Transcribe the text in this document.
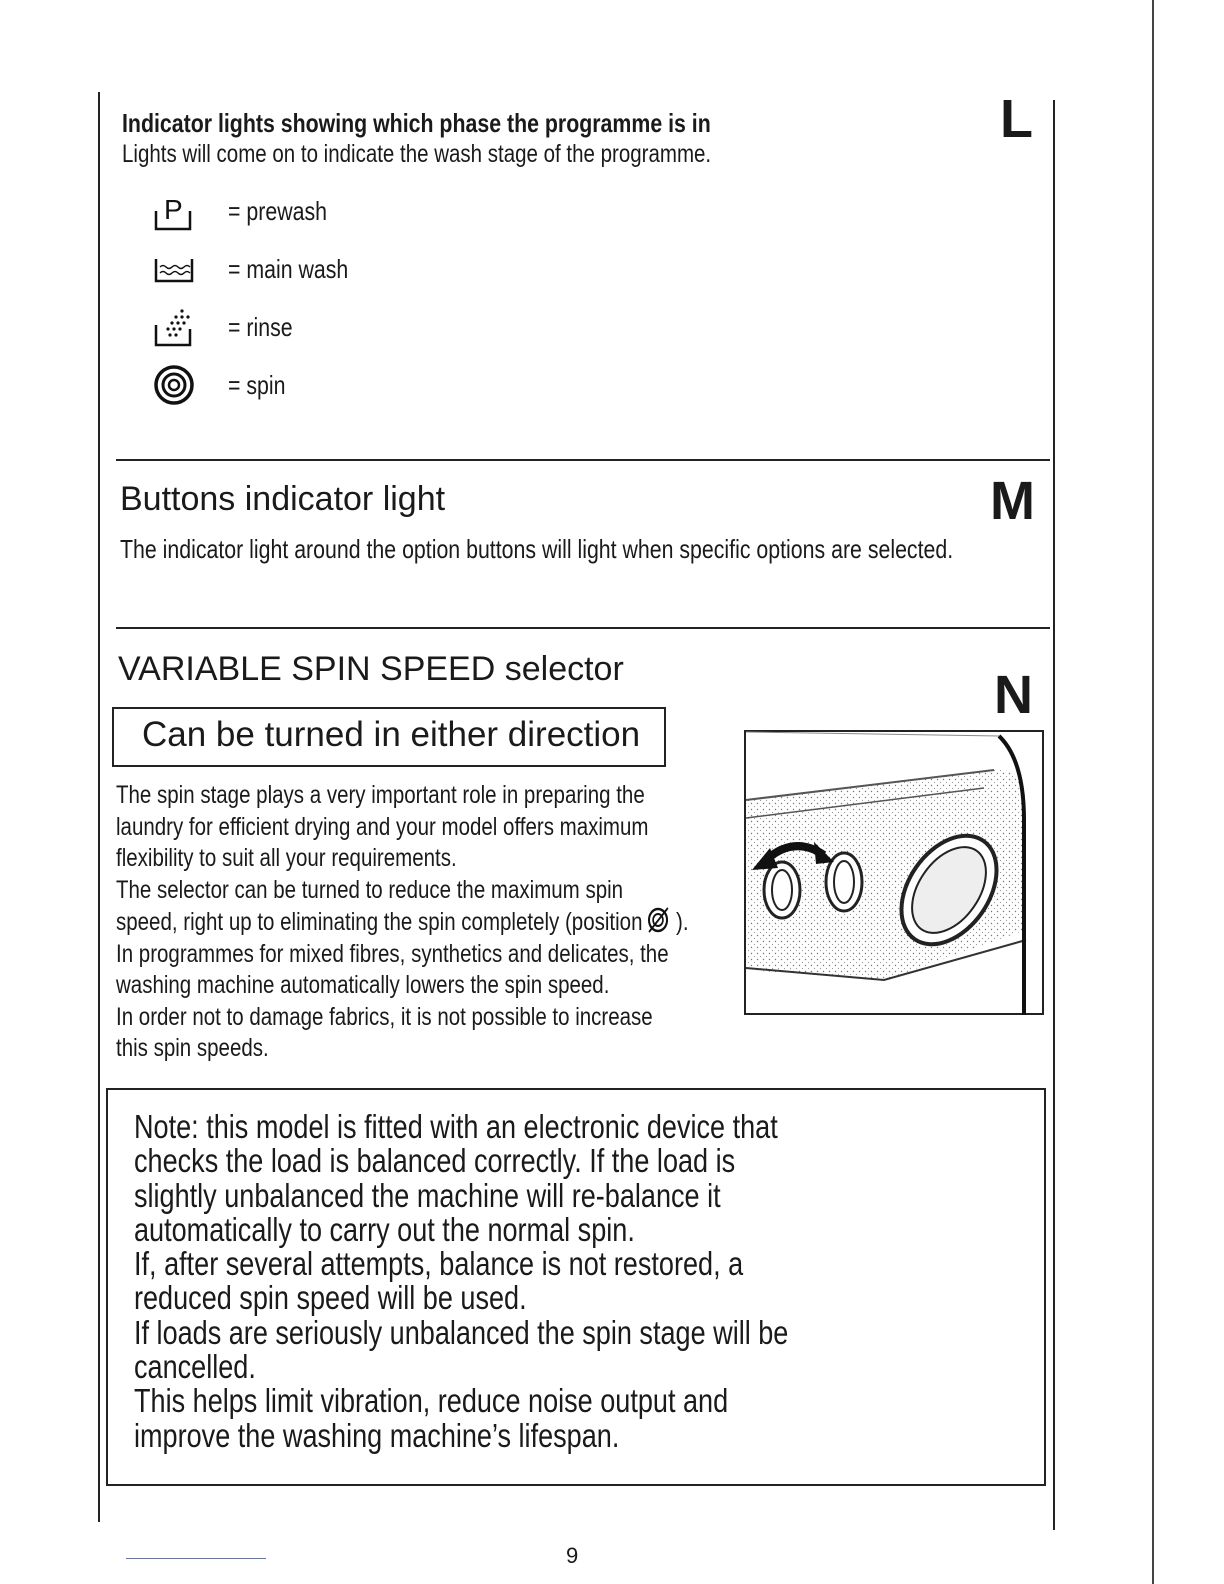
L
Indicator lights showing which phase the programme is in
Lights will come on to indicate the wash stage of the programme.
P = prewash
= main wash
= rinse
= spin
M
Buttons indicator light
The indicator light around the option buttons will light when specific options are selected.
N
VARIABLE SPIN SPEED selector
Can be turned in either direction
The spin stage plays a very important role in preparing the
laundry for efficient drying and your model offers maximum
flexibility to suit all your requirements.
The selector can be turned to reduce the maximum spin
speed, right up to eliminating the spin completely (position ).
In programmes for mixed fibres, synthetics and delicates, the
washing machine automatically lowers the spin speed.
In order not to damage fabrics, it is not possible to increase
this spin speeds.
Note: this model is fitted with an electronic device that
checks the load is balanced correctly. If the load is
slightly unbalanced the machine will re-balance it
automatically to carry out the normal spin.
If, after several attempts, balance is not restored, a
reduced spin speed will be used.
If loads are seriously unbalanced the spin stage will be
cancelled.
This helps limit vibration, reduce noise output and
improve the washing machine’s lifespan.
9
